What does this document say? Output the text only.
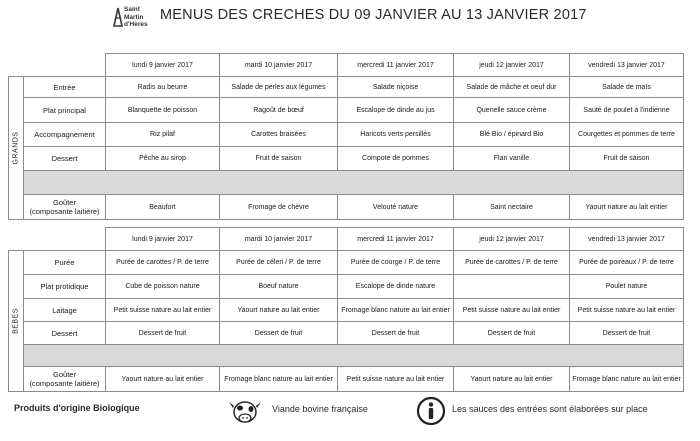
Saint
Martin
d'Hères
MENUS DES CRECHES DU 09 JANVIER AU 13 JANVIER 2017
		lundi 9 janvier 2017	mardi 10 janvier 2017	mercredi 11 janvier 2017	jeudi 12 janvier 2017	vendredi 13 janvier 2017

GRANDS	Entrée	Radis au beurre	Salade de perles aux légumes	Salade niçoise	Salade de mâche et oeuf dur	Salade de maïs
	Plat principal	Blanquette de poisson	Ragoût de bœuf	Escalope de dinde au jus	Quenelle sauce crème	Sauté de poulet à l'indienne
	Accompagnement	Riz pilaf	Carottes braisées	Haricots verts persillés	Blé Bio / épinard Bio	Courgettes et pommes de terre
	Dessert	Pêche au sirop	Fruit de saison	Compote de pommes	Flan vanille	Fruit de saison

	Goûter
(composante laitière)	Beaufort	Fromage de chèvre	Velouté nature	Saint nectaire	Yaourt nature au lait entier
		lundi 9 janvier 2017	mardi 10 janvier 2017	mercredi 11 janvier 2017	jeudi 12 janvier 2017	vendredi 13 janvier 2017

BEBES	Purée	Purée de carottes / P. de terre	Purée de céleri / P. de terre	Purée de courge / P. de terre	Purée de carottes / P. de terre	Purée de poireaux / P. de terre
	Plat protidique	Cube de poisson nature	Boeuf nature	Escalope de dinde nature		Poulet nature
	Laitage	Petit suisse nature au lait entier	Yaourt nature au lait entier	Fromage blanc nature au lait entier	Petit suisse nature au lait entier	Petit suisse nature au lait entier
	Dessert	Dessert de fruit	Dessert de fruit	Dessert de fruit	Dessert de fruit	Dessert de fruit

	Goûter
(composante laitière)	Yaourt nature au lait entier	Fromage blanc nature au lait entier	Petit suisse nature au lait entier	Yaourt nature au lait entier	Fromage blanc nature au lait entier
Produits d'origine Biologique	Viande bovine française	Les sauces des entrées sont élaborées sur place
